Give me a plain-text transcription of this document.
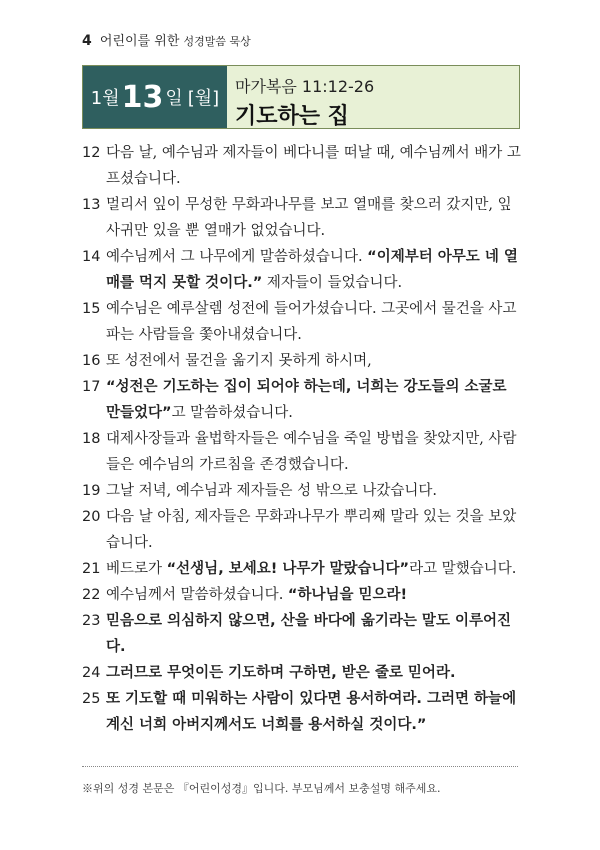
4 어린이를 위한 성경말씀 묵상
1월 13 일 [월]
마가복음 11:12-26
기도하는 집
12 다음 날, 예수님과 제자들이 베다니를 떠날 때, 예수님께서 배가 고프셨습니다.
13 멀리서 잎이 무성한 무화과나무를 보고 열매를 찾으러 갔지만, 잎사귀만 있을 뿐 열매가 없었습니다.
14 예수님께서 그 나무에게 말씀하셨습니다. “이제부터 아무도 네 열매를 먹지 못할 것이다.” 제자들이 들었습니다.
15 예수님은 예루살렘 성전에 들어가셨습니다. 그곳에서 물건을 사고파는 사람들을 쫓아내셨습니다.
16 또 성전에서 물건을 옮기지 못하게 하시며,
17 “성전은 기도하는 집이 되어야 하는데, 너희는 강도들의 소굴로 만들었다”고 말씀하셨습니다.
18 대제사장들과 율법학자들은 예수님을 죽일 방법을 찾았지만, 사람들은 예수님의 가르침을 존경했습니다.
19 그날 저녁, 예수님과 제자들은 성 밖으로 나갔습니다.
20 다음 날 아침, 제자들은 무화과나무가 뿌리째 말라 있는 것을 보았습니다.
21 베드로가 “선생님, 보세요! 나무가 말랐습니다”라고 말했습니다.
22 예수님께서 말씀하셨습니다. “하나님을 믿으라!
23 믿음으로 의심하지 않으면, 산을 바다에 옮기라는 말도 이루어진다.
24 그러므로 무엇이든 기도하며 구하면, 받은 줄로 믿어라.
25 또 기도할 때 미워하는 사람이 있다면 용서하여라. 그러면 하늘에 계신 너희 아버지께서도 너희를 용서하실 것이다.”
※위의 성경 본문은 『어린이성경』입니다. 부모님께서 보충설명 해주세요.
